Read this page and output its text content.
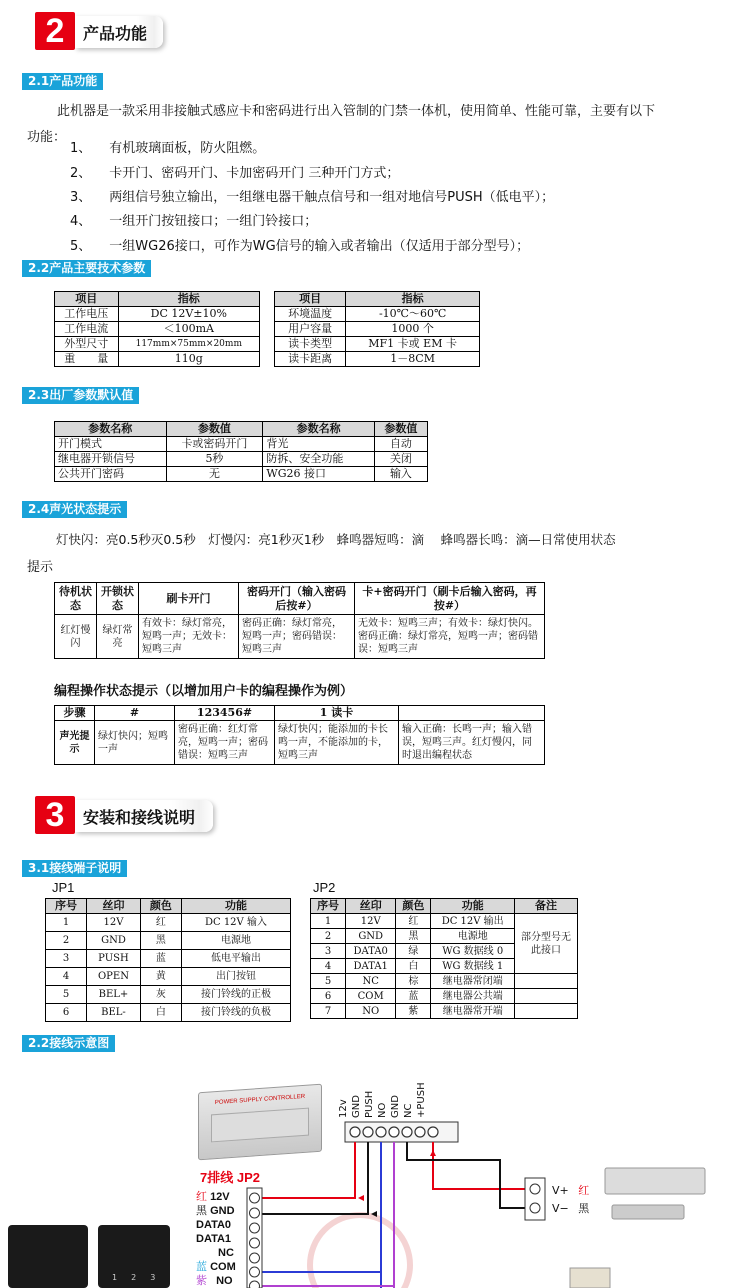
2	产品功能
2.1产品功能
此机器是一款采用非接触式感应卡和密码进行出入管制的门禁一体机，使用简单、性能可靠，主要有以下
功能：
1、 有机玻璃面板，防火阻燃。
2、 卡开门、密码开门、卡加密码开门 三种开门方式；
3、 两组信号独立输出，一组继电器干触点信号和一组对地信号PUSH（低电平）；
4、 一组开门按钮接口；一组门铃接口；
5、 一组WG26接口，可作为WG信号的输入或者输出（仅适用于部分型号）；
2.2产品主要技术参数
项目	指标
工作电压	DC 12V±10%
工作电流	＜100mA
外型尺寸	117mm×75mm×20mm
重　　量	110g
项目	指标
环境温度	-10℃～60℃
用户容量	1000 个
读卡类型	MF1 卡或 EM 卡
读卡距离	1－8CM
2.3出厂参数默认值
参数名称	参数值	参数名称	参数值
开门模式	卡或密码开门	背光	自动
继电器开锁信号	5秒	防拆、安全功能	关闭
公共开门密码	无	WG26 接口	输入
2.4声光状态提示
灯快闪：亮0.5秒灭0.5秒　灯慢闪：亮1秒灭1秒　蜂鸣器短鸣：滴　 蜂鸣器长鸣：滴—日常使用状态
提示
待机状态	开锁状态	刷卡开门	密码开门（输入密码后按#）	卡+密码开门（刷卡后输入密码，再按#）
红灯慢闪	绿灯常亮	有效卡：绿灯常亮，短鸣一声；无效卡：短鸣三声	密码正确：绿灯常亮，短鸣一声；密码错误：短鸣三声	无效卡：短鸣三声；有效卡：绿灯快闪。密码正确：绿灯常亮，短鸣一声；密码错误：短鸣三声
编程操作状态提示（以增加用户卡的编程操作为例）
步骤	#	123456#	1 读卡	
声光提示	绿灯快闪；短鸣一声	密码正确：红灯常亮，短鸣一声；密码错误：短鸣三声	绿灯快闪；能添加的卡长鸣一声，不能添加的卡，短鸣三声	输入正确：长鸣一声；输入错误，短鸣三声。红灯慢闪，同时退出编程状态
3	安装和接线说明
3.1接线端子说明
JP1	JP2
序号	丝印	颜色	功能
1	12V	红	DC 12V 输入
2	GND	黑	电源地
3	PUSH	蓝	低电平输出
4	OPEN	黄	出门按钮
5	BEL+	灰	接门铃线的正极
6	BEL-	白	接门铃线的负极
序号	丝印	颜色	功能	备注
1	12V	红	DC 12V 输出	部分型号无此接口
2	GND	黑	电源地	
3	DATA0	绿	WG 数据线 0	
4	DATA1	白	WG 数据线 1	
5	NC	棕	继电器常闭端	
6	COM	蓝	继电器公共端	
7	NO	紫	继电器常开端	
2.2接线示意图
POWER SUPPLY CONTROLLER	12v GND PUSH NO GND NC +PUSH
7排线 JP2
红 12V
黑 GND
DATA0
DATA1
NC
蓝 COM
紫 NO
V+ 红
V− 黑
123
